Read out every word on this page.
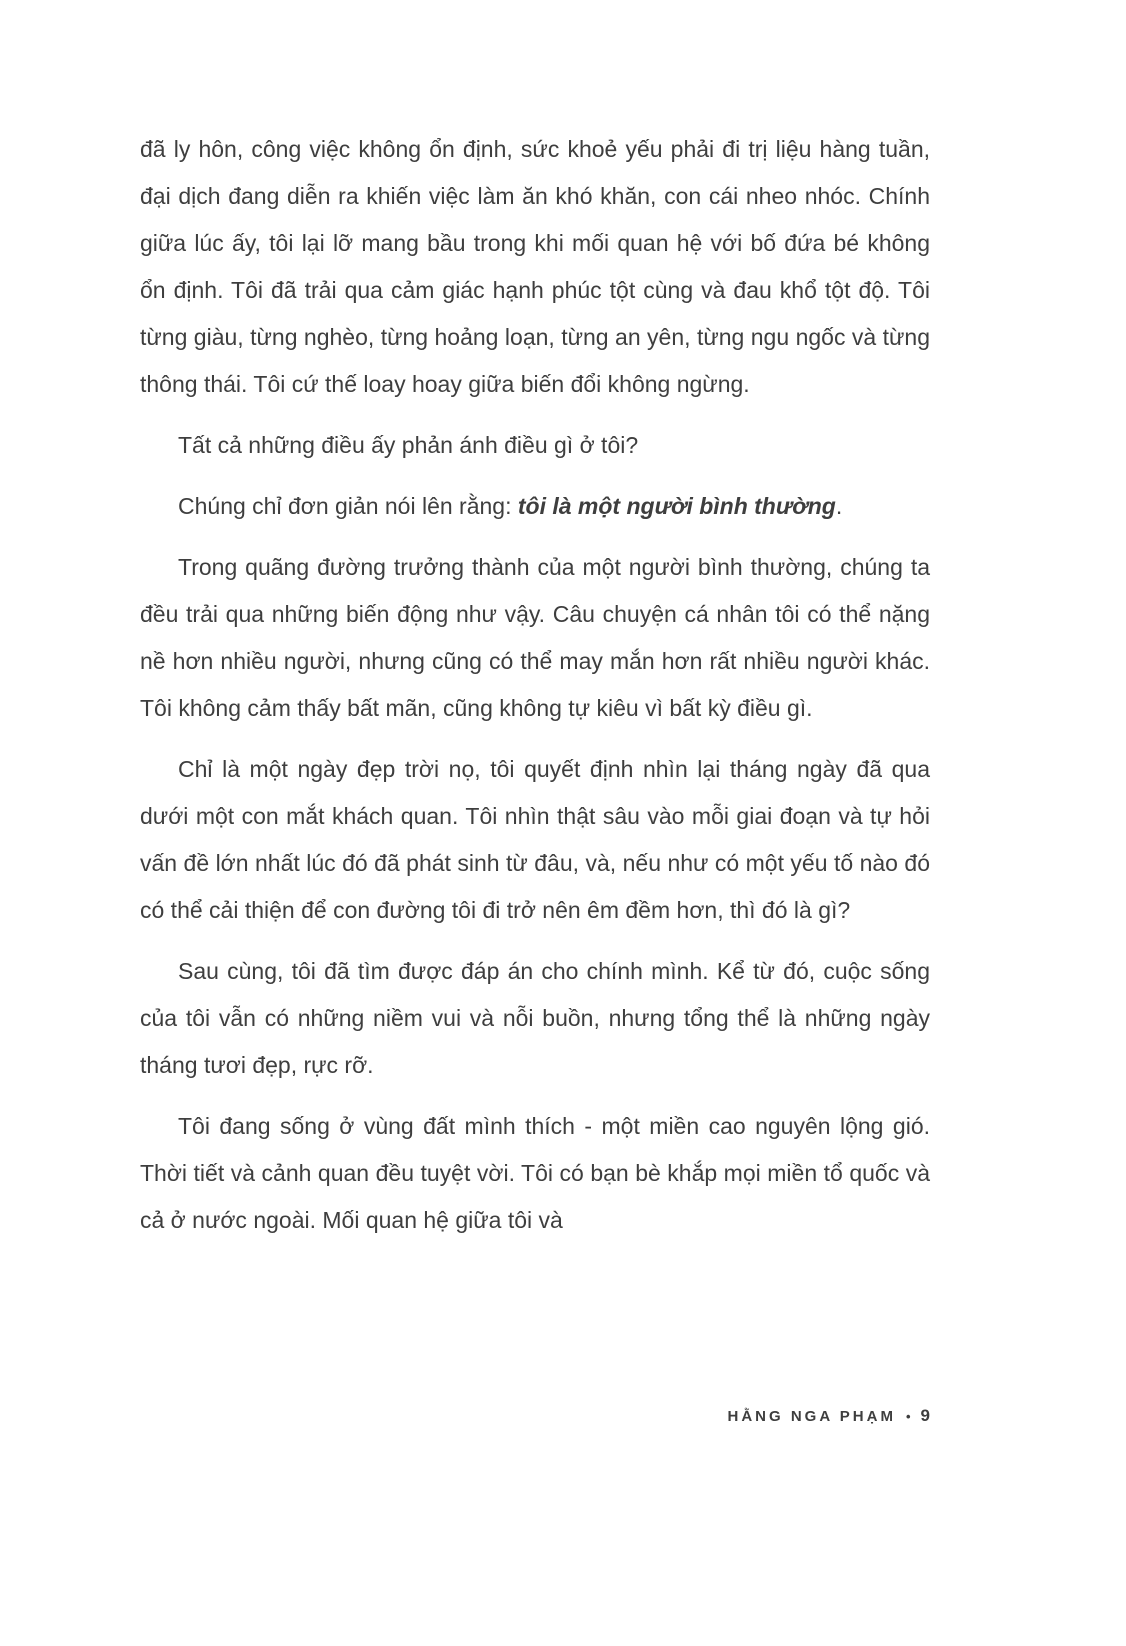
đã ly hôn, công việc không ổn định, sức khoẻ yếu phải đi trị liệu hàng tuần, đại dịch đang diễn ra khiến việc làm ăn khó khăn, con cái nheo nhóc. Chính giữa lúc ấy, tôi lại lỡ mang bầu trong khi mối quan hệ với bố đứa bé không ổn định. Tôi đã trải qua cảm giác hạnh phúc tột cùng và đau khổ tột độ. Tôi từng giàu, từng nghèo, từng hoảng loạn, từng an yên, từng ngu ngốc và từng thông thái. Tôi cứ thế loay hoay giữa biến đổi không ngừng.

Tất cả những điều ấy phản ánh điều gì ở tôi?

Chúng chỉ đơn giản nói lên rằng: tôi là một người bình thường.

Trong quãng đường trưởng thành của một người bình thường, chúng ta đều trải qua những biến động như vậy. Câu chuyện cá nhân tôi có thể nặng nề hơn nhiều người, nhưng cũng có thể may mắn hơn rất nhiều người khác. Tôi không cảm thấy bất mãn, cũng không tự kiêu vì bất kỳ điều gì.

Chỉ là một ngày đẹp trời nọ, tôi quyết định nhìn lại tháng ngày đã qua dưới một con mắt khách quan. Tôi nhìn thật sâu vào mỗi giai đoạn và tự hỏi vấn đề lớn nhất lúc đó đã phát sinh từ đâu, và, nếu như có một yếu tố nào đó có thể cải thiện để con đường tôi đi trở nên êm đềm hơn, thì đó là gì?

Sau cùng, tôi đã tìm được đáp án cho chính mình. Kể từ đó, cuộc sống của tôi vẫn có những niềm vui và nỗi buồn, nhưng tổng thể là những ngày tháng tươi đẹp, rực rỡ.

Tôi đang sống ở vùng đất mình thích - một miền cao nguyên lộng gió. Thời tiết và cảnh quan đều tuyệt vời. Tôi có bạn bè khắp mọi miền tổ quốc và cả ở nước ngoài. Mối quan hệ giữa tôi và

HẰNG NGA PHẠM • 9
